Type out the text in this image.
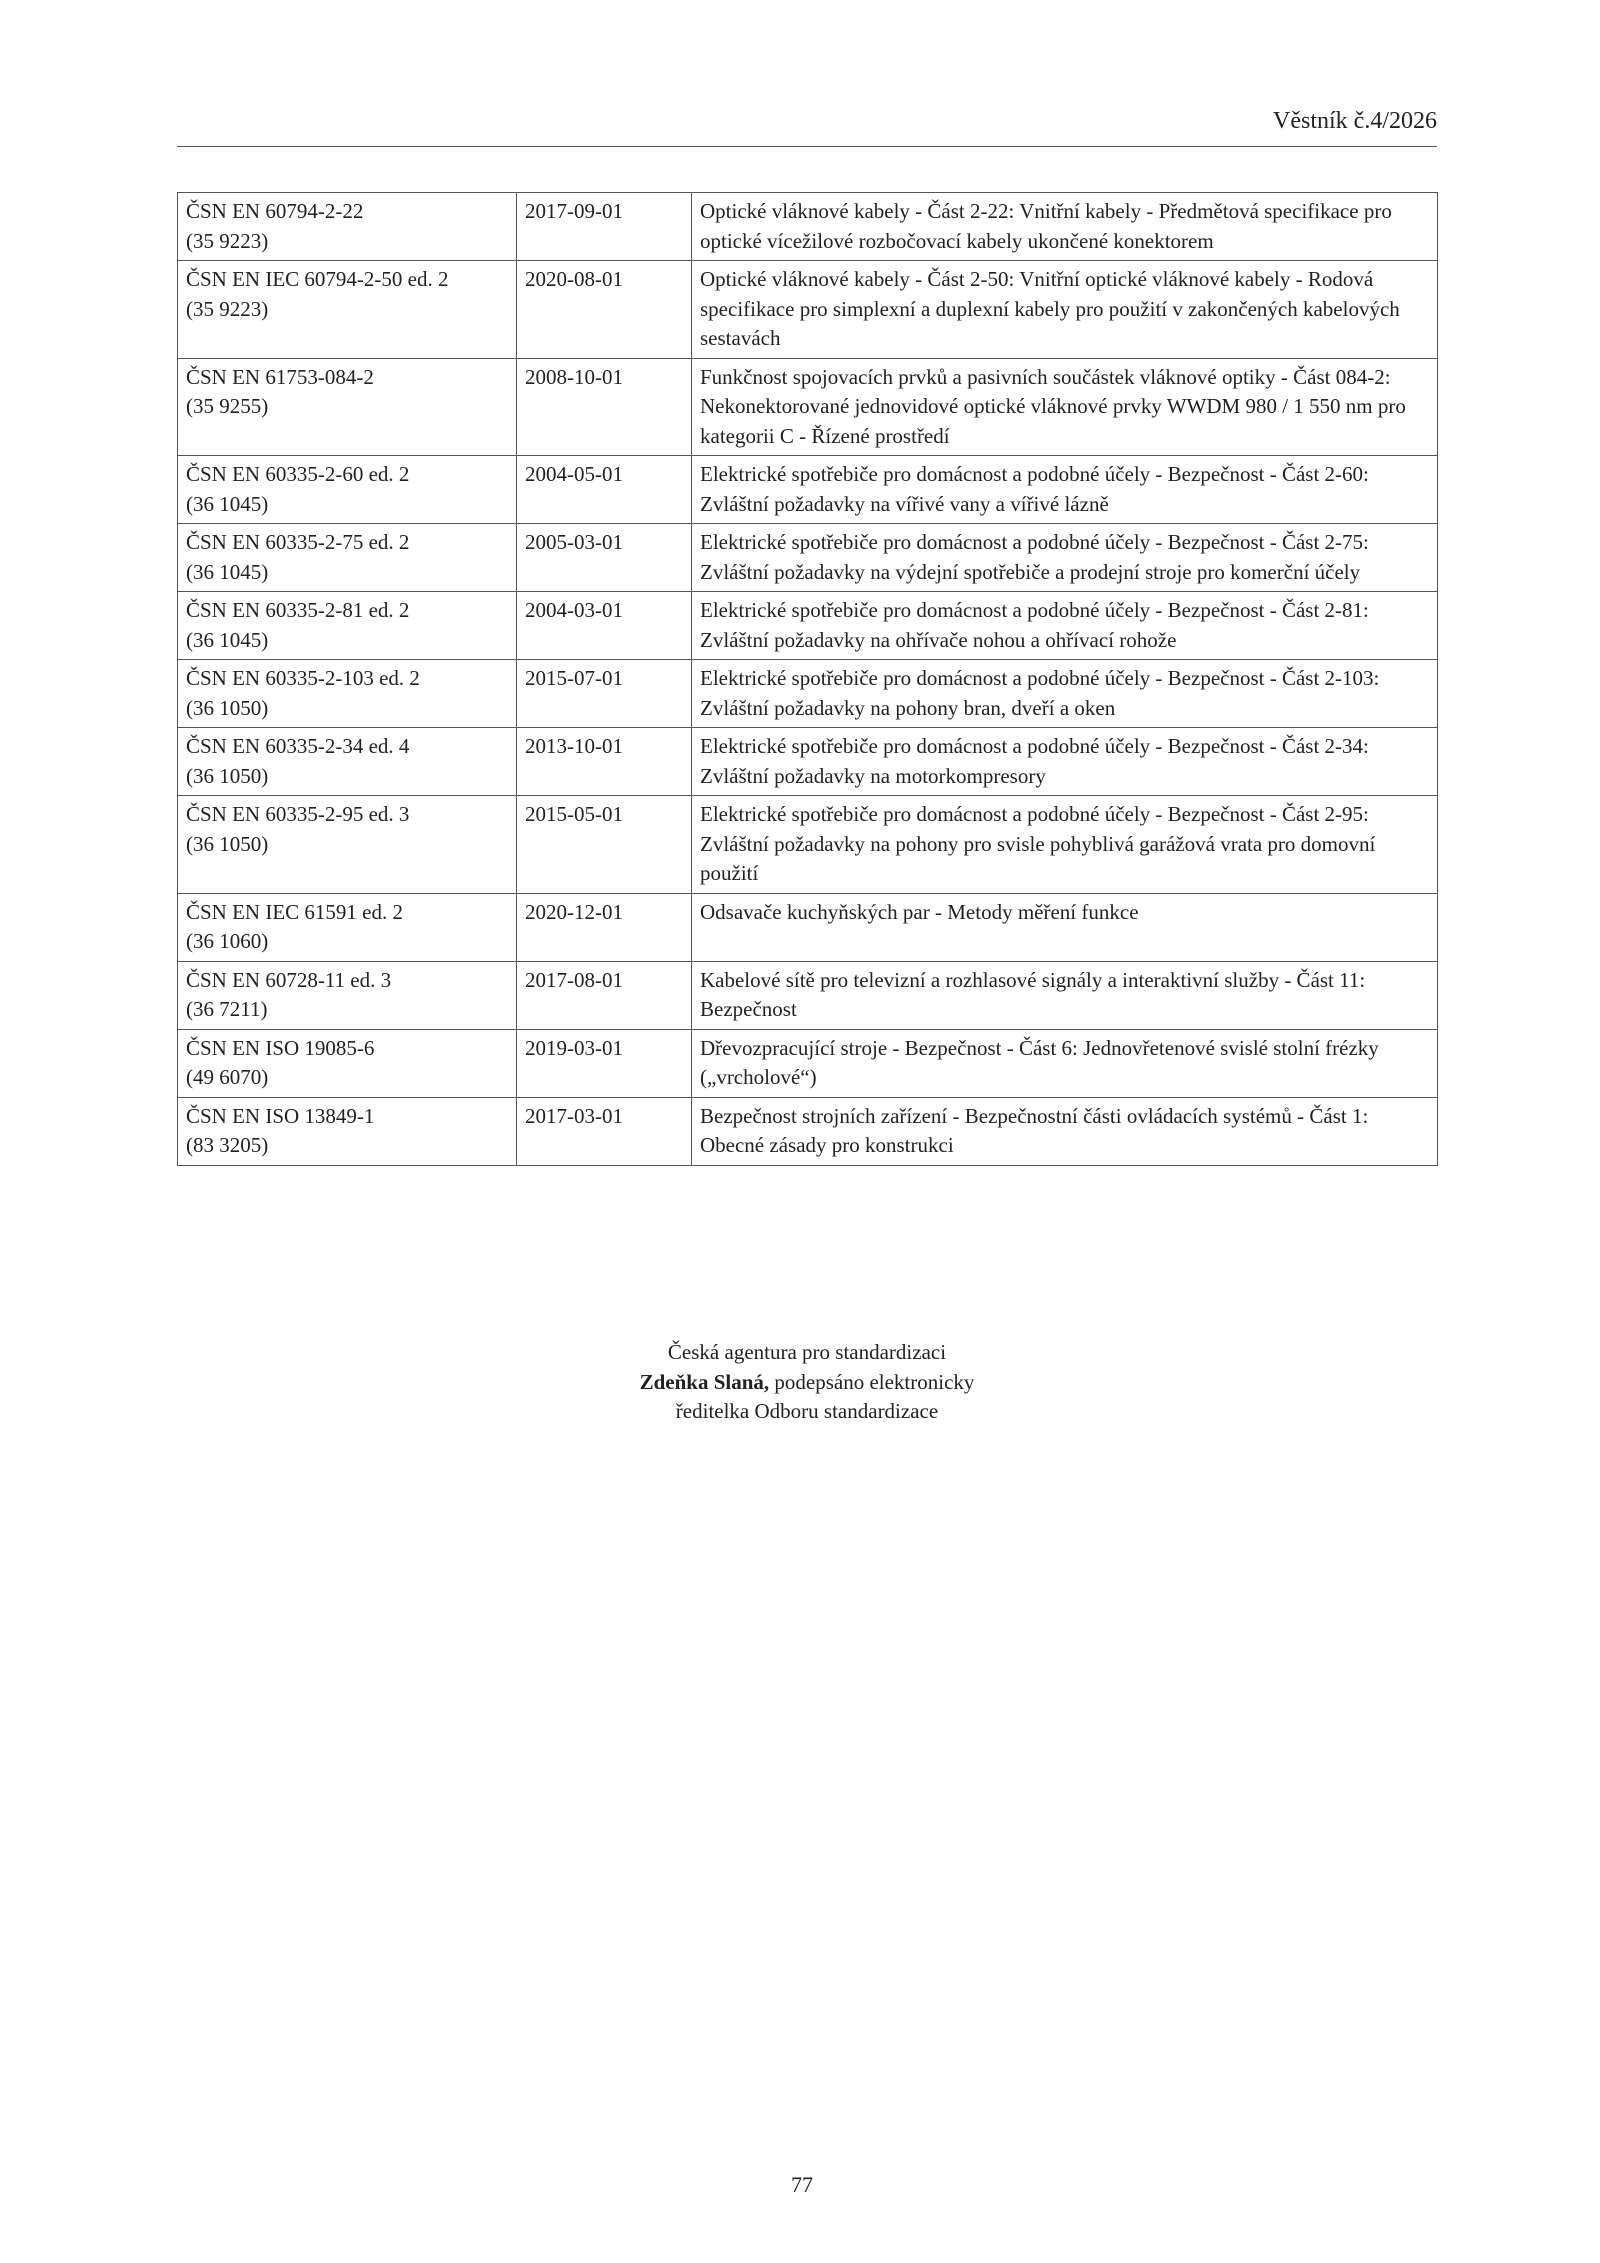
Věstník č.4/2026
ČSN EN 60794-2-22
(35 9223)	2017-09-01	Optické vláknové kabely - Část 2-22: Vnitřní kabely - Předmětová specifikace pro optické vícežilové rozbočovací kabely ukončené konektorem

ČSN EN IEC 60794-2-50 ed. 2
(35 9223)	2020-08-01	Optické vláknové kabely - Část 2-50: Vnitřní optické vláknové kabely - Rodová specifikace pro simplexní a duplexní kabely pro použití v zakončených kabelových sestavách

ČSN EN 61753-084-2
(35 9255)	2008-10-01	Funkčnost spojovacích prvků a pasivních součástek vláknové optiky - Část 084-2: Nekonektorované jednovidové optické vláknové prvky WWDM 980 / 1 550 nm pro kategorii C - Řízené prostředí

ČSN EN 60335-2-60 ed. 2
(36 1045)	2004-05-01	Elektrické spotřebiče pro domácnost a podobné účely - Bezpečnost - Část 2-60: Zvláštní požadavky na vířivé vany a vířivé lázně

ČSN EN 60335-2-75 ed. 2
(36 1045)	2005-03-01	Elektrické spotřebiče pro domácnost a podobné účely - Bezpečnost - Část 2-75: Zvláštní požadavky na výdejní spotřebiče a prodejní stroje pro komerční účely

ČSN EN 60335-2-81 ed. 2
(36 1045)	2004-03-01	Elektrické spotřebiče pro domácnost a podobné účely - Bezpečnost - Část 2-81: Zvláštní požadavky na ohřívače nohou a ohřívací rohože

ČSN EN 60335-2-103 ed. 2
(36 1050)	2015-07-01	Elektrické spotřebiče pro domácnost a podobné účely - Bezpečnost - Část 2-103: Zvláštní požadavky na pohony bran, dveří a oken

ČSN EN 60335-2-34 ed. 4
(36 1050)	2013-10-01	Elektrické spotřebiče pro domácnost a podobné účely - Bezpečnost - Část 2-34: Zvláštní požadavky na motorkompresory

ČSN EN 60335-2-95 ed. 3
(36 1050)	2015-05-01	Elektrické spotřebiče pro domácnost a podobné účely - Bezpečnost - Část 2-95: Zvláštní požadavky na pohony pro svisle pohyblivá garážová vrata pro domovní použití

ČSN EN IEC 61591 ed. 2
(36 1060)	2020-12-01	Odsavače kuchyňských par - Metody měření funkce

ČSN EN 60728-11 ed. 3
(36 7211)	2017-08-01	Kabelové sítě pro televizní a rozhlasové signály a interaktivní služby - Část 11: Bezpečnost

ČSN EN ISO 19085-6
(49 6070)	2019-03-01	Dřevozpracující stroje - Bezpečnost - Část 6: Jednovřetenové svislé stolní frézky („vrcholové“)

ČSN EN ISO 13849-1
(83 3205)	2017-03-01	Bezpečnost strojních zařízení - Bezpečnostní části ovládacích systémů - Část 1: Obecné zásady pro konstrukci
Česká agentura pro standardizaci
Zdeňka Slaná, podepsáno elektronicky
ředitelka Odboru standardizace
77
